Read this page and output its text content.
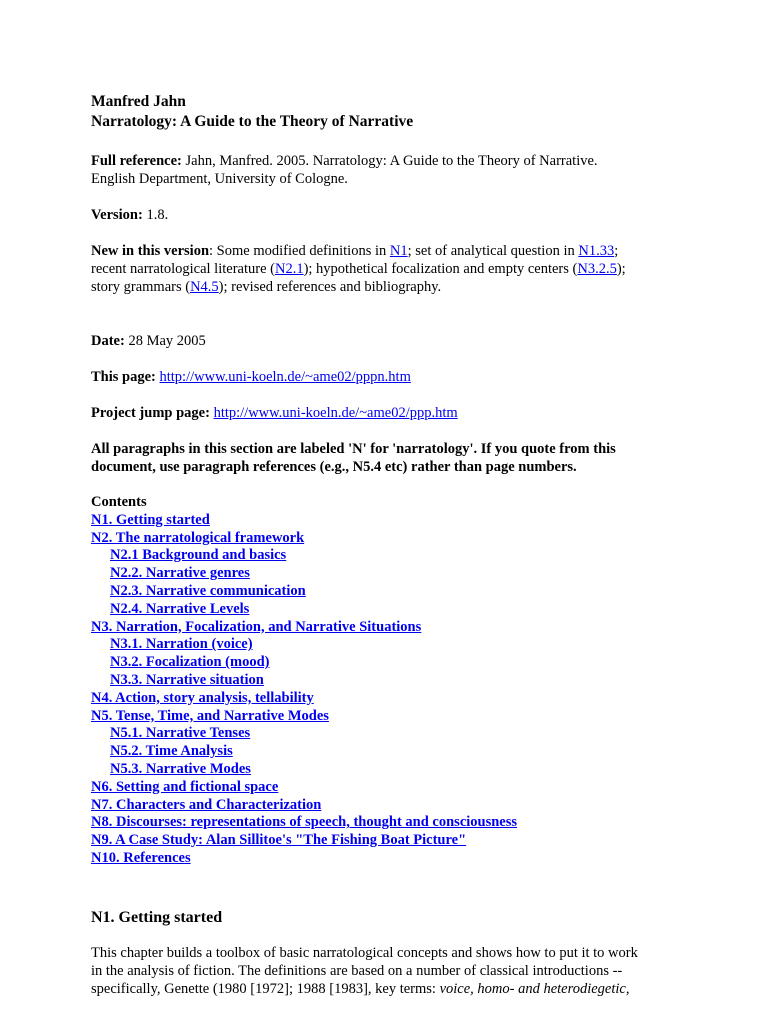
Manfred Jahn
Narratology: A Guide to the Theory of Narrative

Full reference: Jahn, Manfred. 2005. Narratology: A Guide to the Theory of Narrative.
English Department, University of Cologne.

Version: 1.8.

New in this version: Some modified definitions in N1; set of analytical question in N1.33;
recent narratological literature (N2.1); hypothetical focalization and empty centers (N3.2.5);
story grammars (N4.5); revised references and bibliography.

Date: 28 May 2005

This page: http://www.uni-koeln.de/~ame02/pppn.htm

Project jump page: http://www.uni-koeln.de/~ame02/ppp.htm

All paragraphs in this section are labeled 'N' for 'narratology'. If you quote from this
document, use paragraph references (e.g., N5.4 etc) rather than page numbers.

Contents
N1. Getting started
N2. The narratological framework
N2.1 Background and basics
N2.2. Narrative genres
N2.3. Narrative communication
N2.4. Narrative Levels
N3. Narration, Focalization, and Narrative Situations
N3.1. Narration (voice)
N3.2. Focalization (mood)
N3.3. Narrative situation
N4. Action, story analysis, tellability
N5. Tense, Time, and Narrative Modes
N5.1. Narrative Tenses
N5.2. Time Analysis
N5.3. Narrative Modes
N6. Setting and fictional space
N7. Characters and Characterization
N8. Discourses: representations of speech, thought and consciousness
N9. A Case Study: Alan Sillitoe's "The Fishing Boat Picture"
N10. References
N1. Getting started

This chapter builds a toolbox of basic narratological concepts and shows how to put it to work
in the analysis of fiction. The definitions are based on a number of classical introductions --
specifically, Genette (1980 [1972]; 1988 [1983], key terms: voice, homo- and heterodiegetic,
